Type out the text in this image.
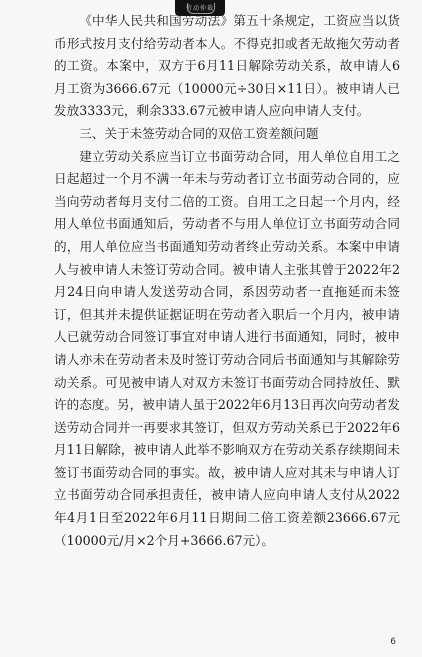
劳动仲裁

《中华人民共和国劳动法》第五十条规定，工资应当以货币形式按月支付给劳动者本人。不得克扣或者无故拖欠劳动者的工资。本案中，双方于6月11日解除劳动关系，故申请人6月工资为3666.67元（10000元÷30日×11日）。被申请人已发放3333元，剩余333.67元被申请人应向申请人支付。

三、关于未签劳动合同的双倍工资差额问题

建立劳动关系应当订立书面劳动合同，用人单位自用工之日起超过一个月不满一年未与劳动者订立书面劳动合同的，应当向劳动者每月支付二倍的工资。自用工之日起一个月内，经用人单位书面通知后，劳动者不与用人单位订立书面劳动合同的，用人单位应当书面通知劳动者终止劳动关系。本案中申请人与被申请人未签订劳动合同。被申请人主张其曾于2022年2月24日向申请人发送劳动合同，系因劳动者一直拖延而未签订，但其并未提供证据证明在劳动者入职后一个月内，被申请人已就劳动合同签订事宜对申请人进行书面通知，同时，被申请人亦未在劳动者未及时签订劳动合同后书面通知与其解除劳动关系。可见被申请人对双方未签订书面劳动合同持放任、默许的态度。另，被申请人虽于2022年6月13日再次向劳动者发送劳动合同并一再要求其签订，但双方劳动关系已于2022年6月11日解除，被申请人此举不影响双方在劳动关系存续期间未签订书面劳动合同的事实。故，被申请人应对其未与申请人订立书面劳动合同承担责任，被申请人应向申请人支付从2022年4月1日至2022年6月11日期间二倍工资差额23666.67元（10000元/月×2个月+3666.67元）。

6
